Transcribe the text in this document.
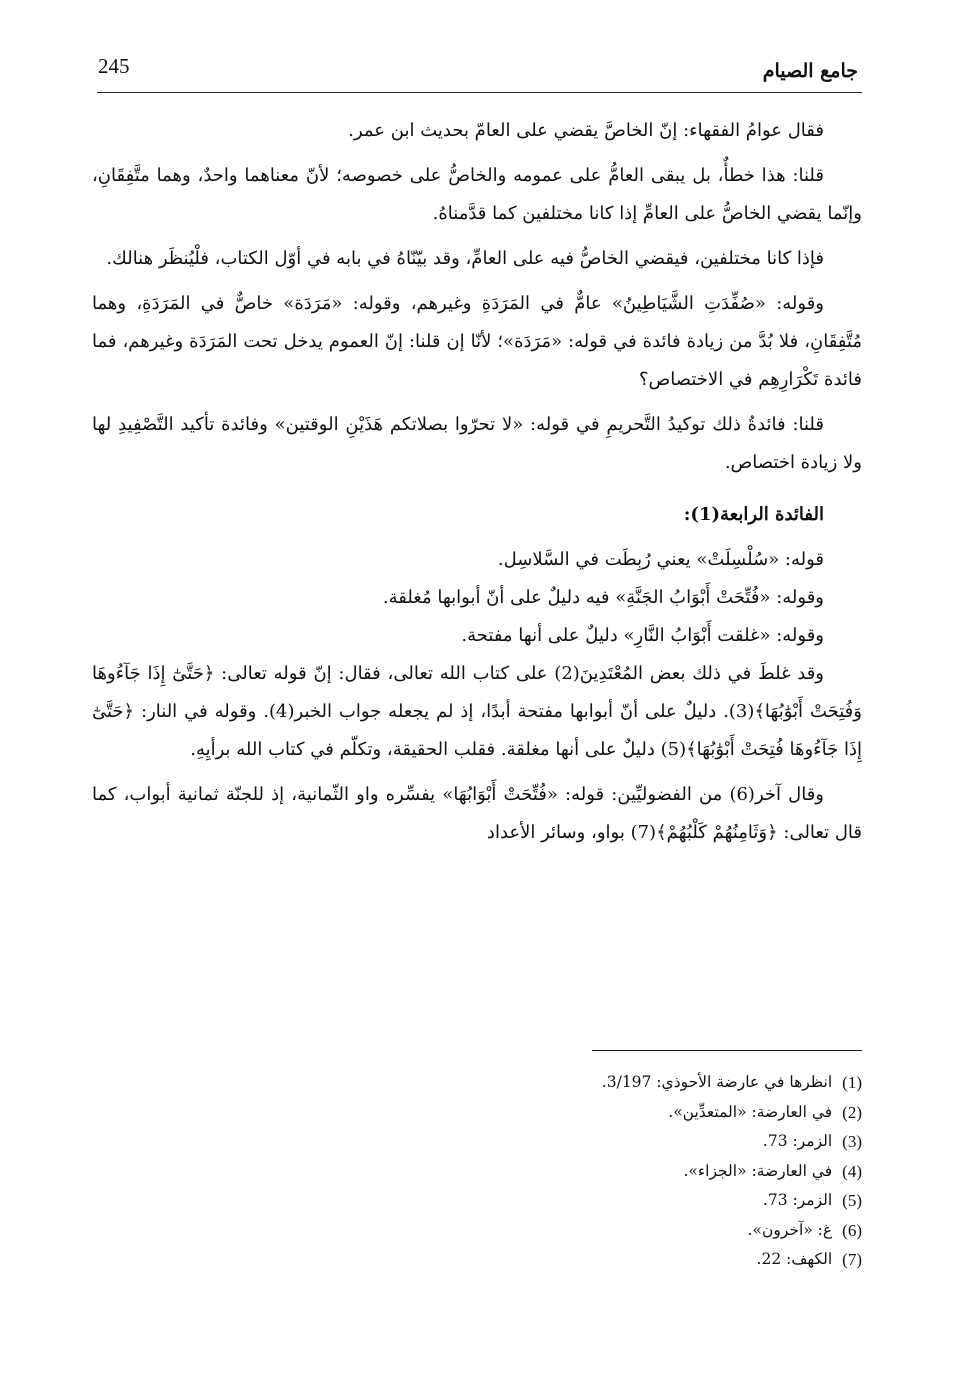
245	جامع الصيام

فقال عوامُ الفقهاء: إنّ الخاصَّ يقضي على العامّ بحديث ابن عمر.

قلنا: هذا خطأٌ، بل يبقى العامُّ على عمومه والخاصُّ على خصوصه؛ لأنّ معناهما واحدٌ، وهما متَّفِقَانِ، وإنّما يقضي الخاصُّ على العامِّ إذا كانا مختلفين كما قدَّمناهُ.

فإذا كانا مختلفين، فيقضي الخاصُّ فيه على العامِّ، وقد بيّنّاهُ في بابه في أوّل الكتاب، فلْيُنظَر هنالك.

وقوله: «صُفِّدَتِ الشَّيَاطِينُ» عامٌّ في المَرَدَةِ وغيرهم، وقوله: «مَرَدَة» خاصٌّ في المَرَدَةِ، وهما مُتَّفِقَانِ، فلا بُدَّ من زيادة فائدة في قوله: «مَرَدَة»؛ لأنّا إن قلنا: إنّ العموم يدخل تحت المَرَدَة وغيرهم، فما فائدة تَكْرَارِهِم في الاختصاص؟

قلنا: فائدةُ ذلك توكيدُ التَّحريمِ في قوله: «لا تحرّوا بصلاتكم هَذَيْنِ الوقتين» وفائدة تأكيد التَّصْفِيدِ لها ولا زيادة اختصاص.

الفائدة الرابعة(1):

قوله: «سُلْسِلَتْ» يعني رُبِطَت في السَّلاسِل.

وقوله: «فُتِّحَتْ أَبْوَابُ الجَنَّةِ» فيه دليلٌ على أنّ أبوابها مُغلقة.

وقوله: «غلقت أَبْوَابُ النَّارِ» دليلٌ على أنها مفتحة.

وقد غلطَ في ذلك بعض المُعْتَدِينَ(2) على كتاب الله تعالى، فقال: إنّ قوله تعالى: ﴿حَتَّىٰٓ إِذَا جَآءُوهَا وَفُتِحَتْ أَبْوَٰبُهَا﴾(3). دليلٌ على أنّ أبوابها مفتحة أبدًا، إذ لم يجعله جواب الخبر(4). وقوله في النار: ﴿حَتَّىٰٓ إِذَا جَآءُوهَا فُتِحَتْ أَبْوَٰبُهَا﴾(5) دليلٌ على أنها مغلقة. فقلب الحقيقة، وتكلّم في كتاب الله برأيِهِ.

وقال آخر(6) من الفضوليِّين: قوله: «فُتِّحَتْ أَبْوَابُهَا» يفسِّره واو الثّمانية، إذ للجنّة ثمانية أبواب، كما قال تعالى: ﴿وَثَامِنُهُمْ كَلْبُهُمْ﴾(7) بواو، وسائر الأعداد

(1)
انظرها في عارضة الأحوذي: 3/197.
(2)
في العارضة: «المتعدِّين».
(3)
الزمر: 73.
(4)
في العارضة: «الجزاء».
(5)
الزمر: 73.
(6)
غ: «آخرون».
(7)
الكهف: 22.
